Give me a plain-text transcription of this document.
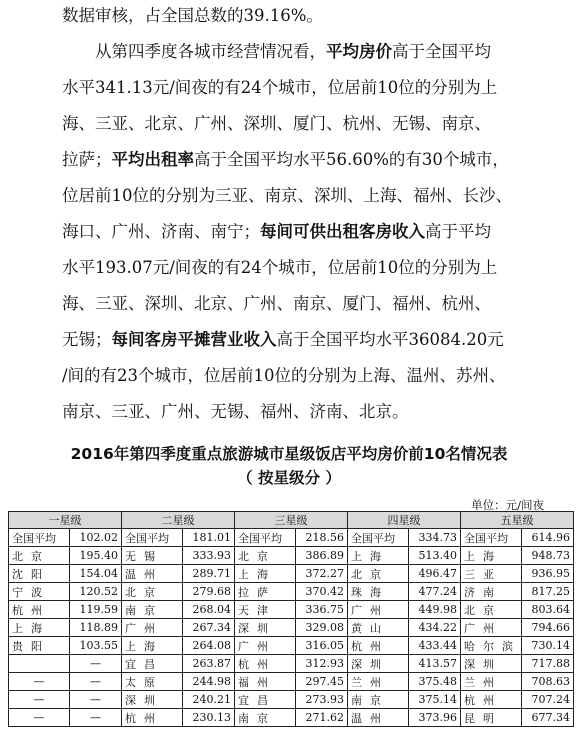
数据审核，占全国总数的39.16%。
从第四季度各城市经营情况看，平均房价高于全国平均
水平341.13元/间夜的有24个城市，位居前10位的分别为上
海、三亚、北京、广州、深圳、厦门、杭州、无锡、南京、
拉萨；平均出租率高于全国平均水平56.60%的有30个城市，
位居前10位的分别为三亚、南京、深圳、上海、福州、长沙、
海口、广州、济南、南宁；每间可供出租客房收入高于平均
水平193.07元/间夜的有24个城市，位居前10位的分别为上
海、三亚、深圳、北京、广州、南京、厦门、福州、杭州、
无锡；每间客房平摊营业收入高于全国平均水平36084.20元
/间的有23个城市，位居前10位的分别为上海、温州、苏州、
南京、三亚、广州、无锡、福州、济南、北京。
2016年第四季度重点旅游城市星级饭店平均房价前10名情况表
（ 按星级分 ）
单位：元/间夜
一星级		二星级		三星级		四星级		五星级	
全国平均	102.02	全国平均	181.01	全国平均	218.56	全国平均	334.73	全国平均	614.96
北京	195.40	无锡	333.93	北京	386.89	上海	513.40	上海	948.73
沈阳	154.04	温州	289.71	上海	372.27	北京	496.47	三亚	936.95
宁波	120.52	北京	279.68	拉萨	370.42	珠海	477.24	济南	817.25
杭州	119.59	南京	268.04	天津	336.75	广州	449.98	北京	803.64
上海	118.89	广州	267.34	深圳	329.08	黄山	434.22	广州	794.66
贵阳	103.55	上海	264.08	广州	316.05	杭州	433.44	哈尔滨	730.14
	—	宜昌	263.87	杭州	312.93	深圳	413.57	深圳	717.88
—	—	太原	244.98	福州	297.45	兰州	375.48	兰州	708.63
—	—	深圳	240.21	宜昌	273.93	南京	375.14	杭州	707.24
—	—	杭州	230.13	南京	271.62	温州	373.96	昆明	677.34
